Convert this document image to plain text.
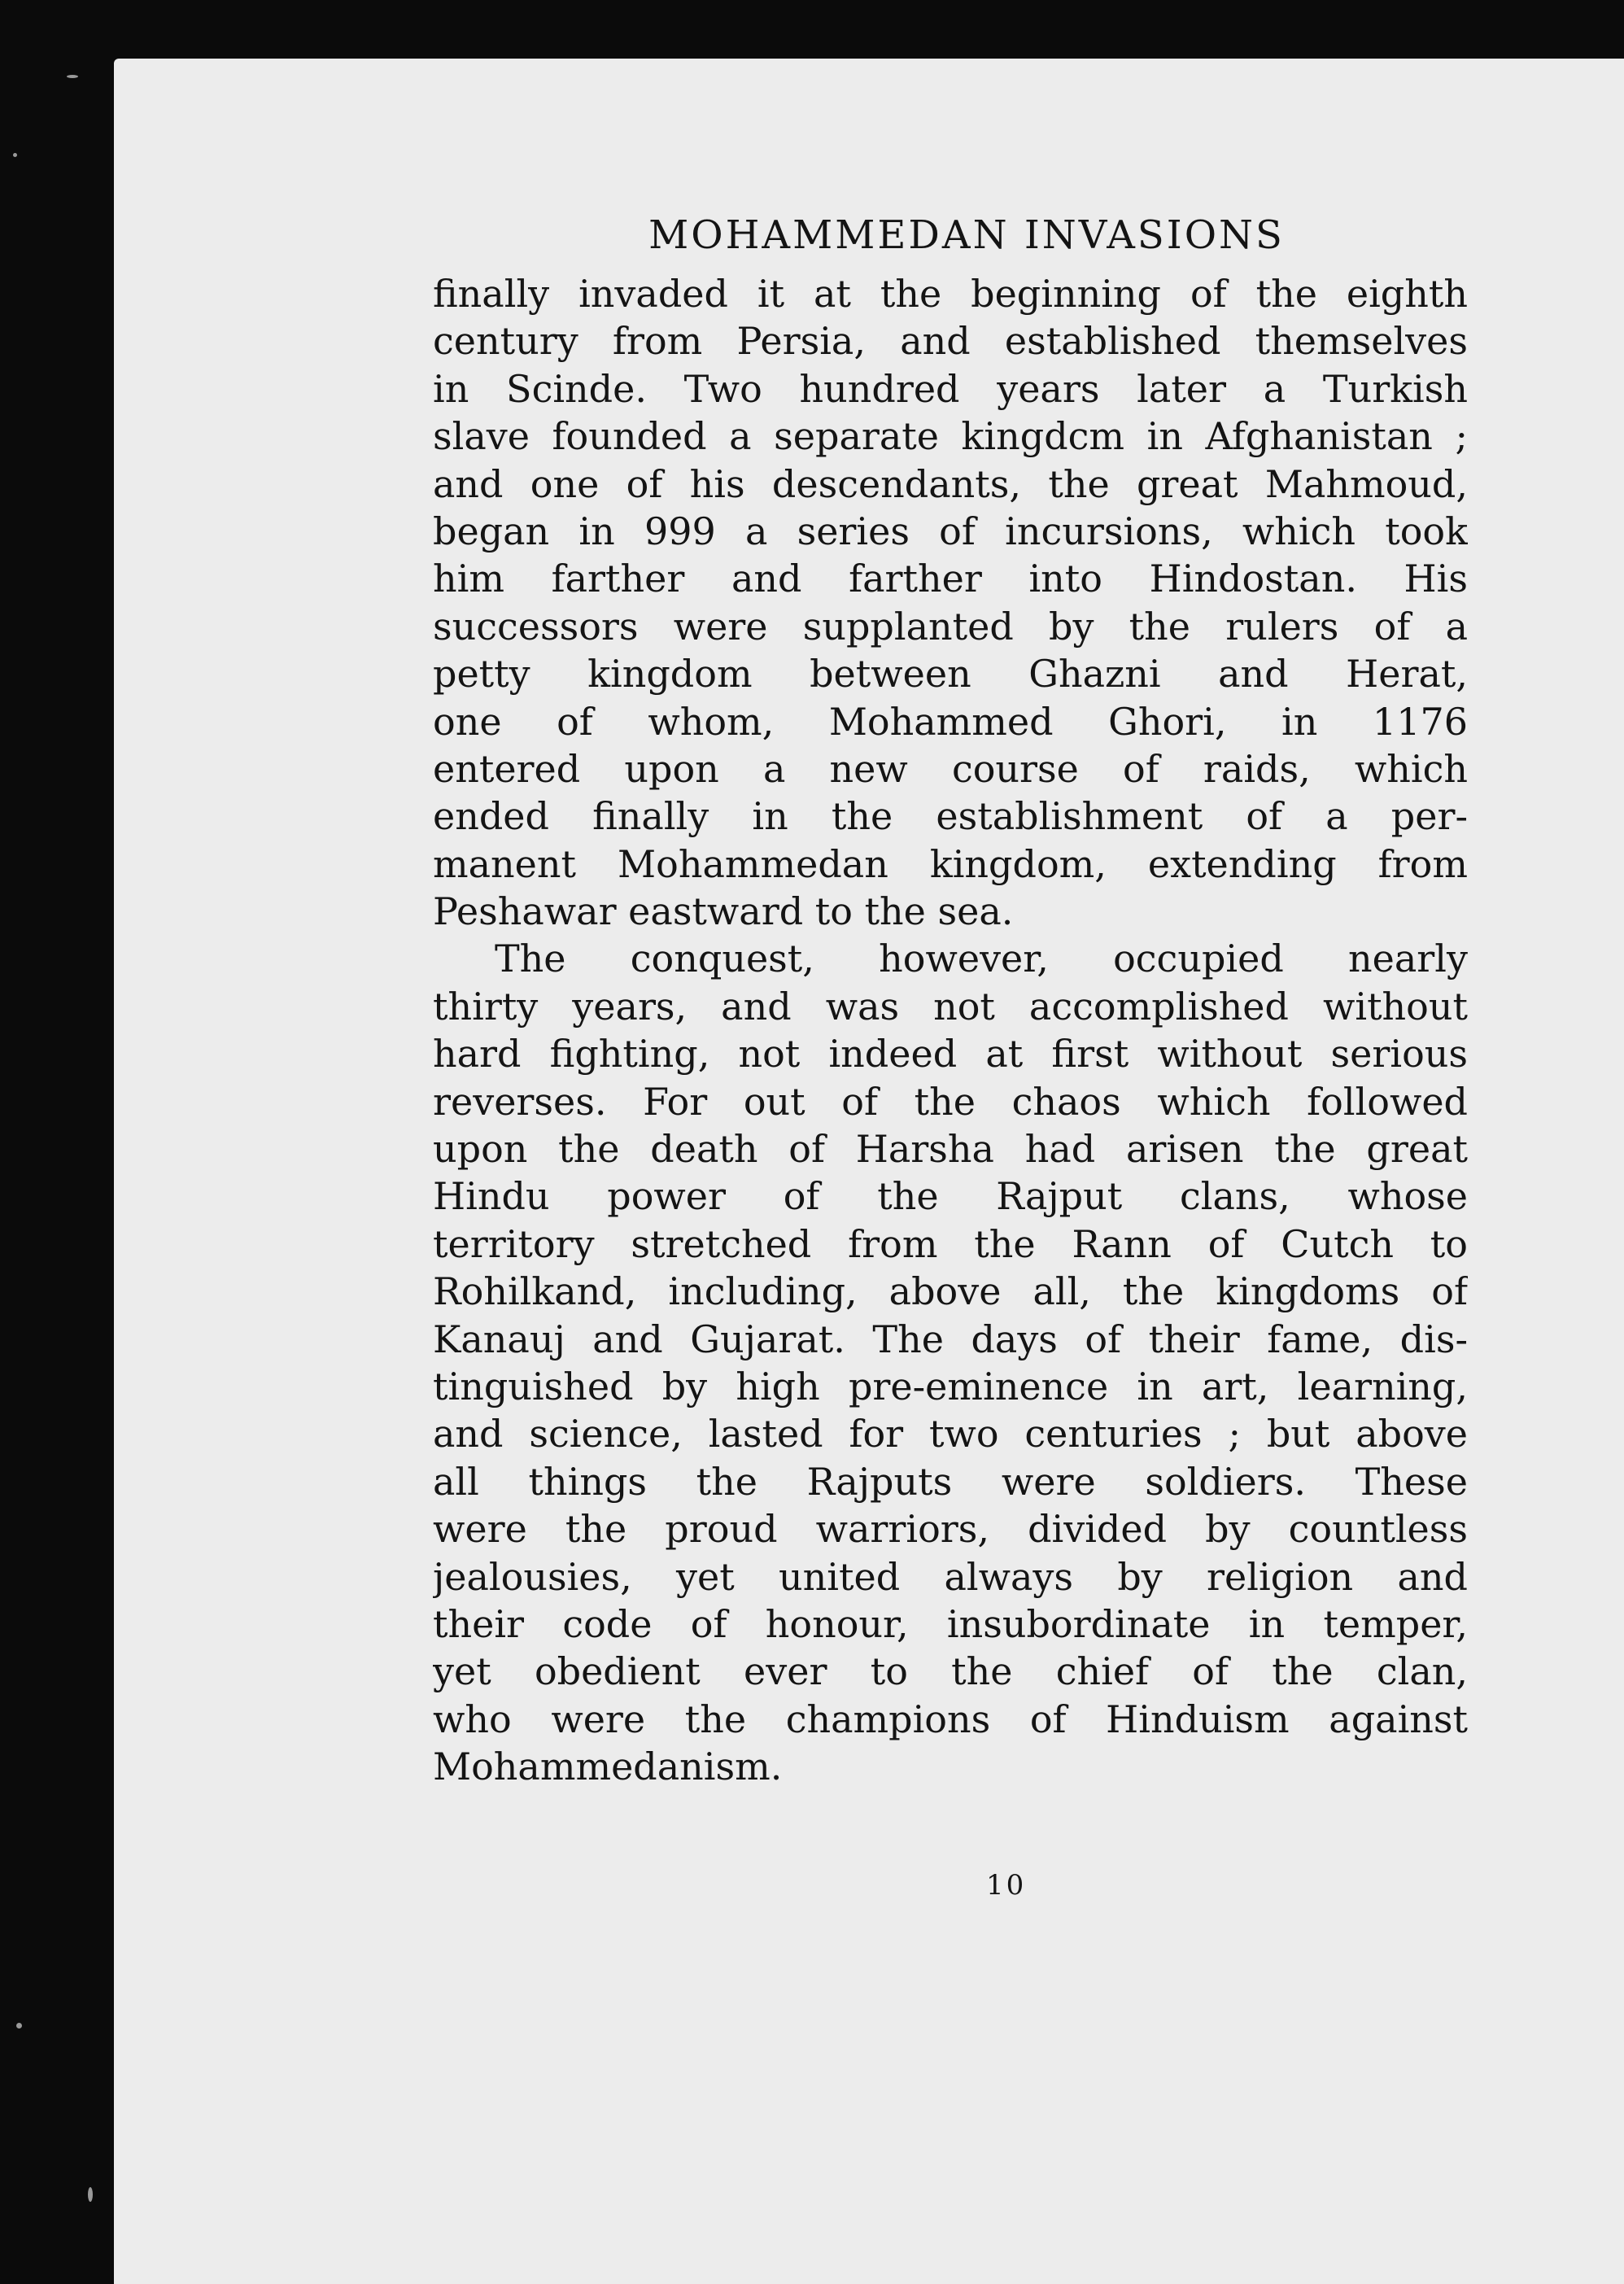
MOHAMMEDAN INVASIONS
finally invaded it at the beginning of the eighth
century from Persia, and established themselves
in Scinde. Two hundred years later a Turkish
slave founded a separate kingdcm in Afghanistan ;
and one of his descendants, the great Mahmoud,
began in 999 a series of incursions, which took
him farther and farther into Hindostan. His
successors were supplanted by the rulers of a
petty kingdom between Ghazni and Herat,
one of whom, Mohammed Ghori, in 1176
entered upon a new course of raids, which
ended finally in the establishment of a per-
manent Mohammedan kingdom, extending from
Peshawar eastward to the sea.
The conquest, however, occupied nearly
thirty years, and was not accomplished without
hard fighting, not indeed at first without serious
reverses. For out of the chaos which followed
upon the death of Harsha had arisen the great
Hindu power of the Rajput clans, whose
territory stretched from the Rann of Cutch to
Rohilkand, including, above all, the kingdoms of
Kanauj and Gujarat. The days of their fame, dis-
tinguished by high pre-eminence in art, learning,
and science, lasted for two centuries ; but above
all things the Rajputs were soldiers. These
were the proud warriors, divided by countless
jealousies, yet united always by religion and
their code of honour, insubordinate in temper,
yet obedient ever to the chief of the clan,
who were the champions of Hinduism against
Mohammedanism.
10
